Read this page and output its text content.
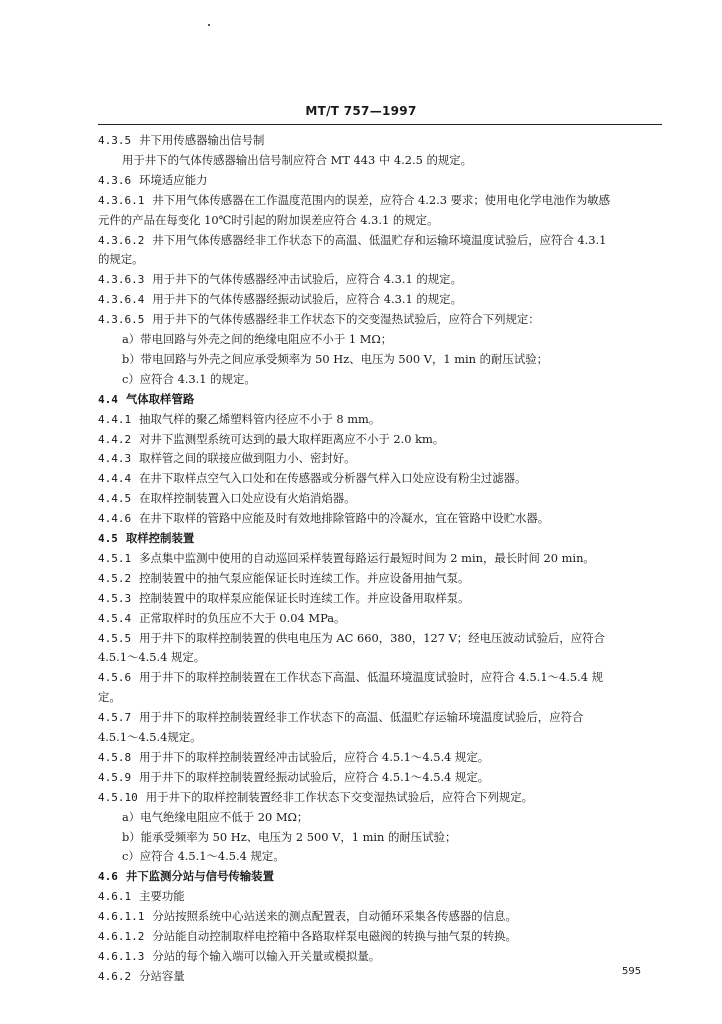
MT/T 757—1997
4.3.5 井下用传感器输出信号制
用于井下的气体传感器输出信号制应符合 MT 443 中 4.2.5 的规定。
4.3.6 环境适应能力
4.3.6.1 井下用气体传感器在工作温度范围内的误差，应符合 4.2.3 要求；使用电化学电池作为敏感
元件的产品在每变化 10℃时引起的附加误差应符合 4.3.1 的规定。
4.3.6.2 井下用气体传感器经非工作状态下的高温、低温贮存和运输环境温度试验后，应符合 4.3.1
的规定。
4.3.6.3 用于井下的气体传感器经冲击试验后，应符合 4.3.1 的规定。
4.3.6.4 用于井下的气体传感器经振动试验后，应符合 4.3.1 的规定。
4.3.6.5 用于井下的气体传感器经非工作状态下的交变湿热试验后，应符合下列规定：
a）带电回路与外壳之间的绝缘电阻应不小于 1 MΩ；
b）带电回路与外壳之间应承受频率为 50 Hz、电压为 500 V，1 min 的耐压试验；
c）应符合 4.3.1 的规定。
4.4 气体取样管路
4.4.1 抽取气样的聚乙烯塑料管内径应不小于 8 mm。
4.4.2 对井下监测型系统可达到的最大取样距离应不小于 2.0 km。
4.4.3 取样管之间的联接应做到阻力小、密封好。
4.4.4 在井下取样点空气入口处和在传感器或分析器气样入口处应设有粉尘过滤器。
4.4.5 在取样控制装置入口处应设有火焰消焰器。
4.4.6 在井下取样的管路中应能及时有效地排除管路中的冷凝水，宜在管路中设贮水器。
4.5 取样控制装置
4.5.1 多点集中监测中使用的自动巡回采样装置每路运行最短时间为 2 min，最长时间 20 min。
4.5.2 控制装置中的抽气泵应能保证长时连续工作。并应设备用抽气泵。
4.5.3 控制装置中的取样泵应能保证长时连续工作。并应设备用取样泵。
4.5.4 正常取样时的负压应不大于 0.04 MPa。
4.5.5 用于井下的取样控制装置的供电电压为 AC 660，380，127 V；经电压波动试验后，应符合
4.5.1～4.5.4 规定。
4.5.6 用于井下的取样控制装置在工作状态下高温、低温环境温度试验时，应符合 4.5.1～4.5.4 规
定。
4.5.7 用于井下的取样控制装置经非工作状态下的高温、低温贮存运输环境温度试验后，应符合
4.5.1～4.5.4规定。
4.5.8 用于井下的取样控制装置经冲击试验后，应符合 4.5.1～4.5.4 规定。
4.5.9 用于井下的取样控制装置经振动试验后，应符合 4.5.1～4.5.4 规定。
4.5.10 用于井下的取样控制装置经非工作状态下交变湿热试验后，应符合下列规定。
a）电气绝缘电阻应不低于 20 MΩ；
b）能承受频率为 50 Hz、电压为 2 500 V，1 min 的耐压试验；
c）应符合 4.5.1～4.5.4 规定。
4.6 井下监测分站与信号传输装置
4.6.1 主要功能
4.6.1.1 分站按照系统中心站送来的测点配置表，自动循环采集各传感器的信息。
4.6.1.2 分站能自动控制取样电控箱中各路取样泵电磁阀的转换与抽气泵的转换。
4.6.1.3 分站的每个输入端可以输入开关量或模拟量。
4.6.2 分站容量	595
